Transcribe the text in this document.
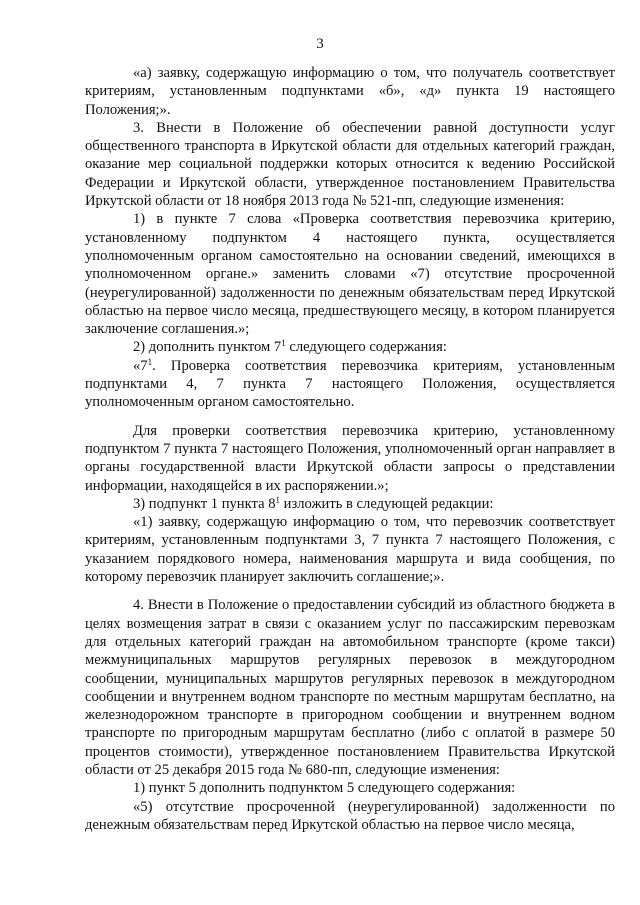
3

«а) заявку, содержащую информацию о том, что получатель соответствует критериям, установленным подпунктами «б», «д» пункта 19 настоящего Положения;».

3. Внести в Положение об обеспечении равной доступности услуг общественного транспорта в Иркутской области для отдельных категорий граждан, оказание мер социальной поддержки которых относится к ведению Российской Федерации и Иркутской области, утвержденное постановлением Правительства Иркутской области от 18 ноября 2013 года № 521-пп, следующие изменения:

1) в пункте 7 слова «Проверка соответствия перевозчика критерию, установленному подпунктом 4 настоящего пункта, осуществляется уполномоченным органом самостоятельно на основании сведений, имеющихся в уполномоченном органе.» заменить словами «7) отсутствие просроченной (неурегулированной) задолженности по денежным обязательствам перед Иркутской областью на первое число месяца, предшествующего месяцу, в котором планируется заключение соглашения.»;

2) дополнить пунктом $7^1$ следующего содержания:

«$7^1$. Проверка соответствия перевозчика критериям, установленным подпунктами 4, 7 пункта 7 настоящего Положения, осуществляется уполномоченным органом самостоятельно.

Для проверки соответствия перевозчика критерию, установленному подпунктом 7 пункта 7 настоящего Положения, уполномоченный орган направляет в органы государственной власти Иркутской области запросы о представлении информации, находящейся в их распоряжении.»;

3) подпункт 1 пункта $8^1$ изложить в следующей редакции:

«1) заявку, содержащую информацию о том, что перевозчик соответствует критериям, установленным подпунктами 3, 7 пункта 7 настоящего Положения, с указанием порядкового номера, наименования маршрута и вида сообщения, по которому перевозчик планирует заключить соглашение;».

4. Внести в Положение о предоставлении субсидий из областного бюджета в целях возмещения затрат в связи с оказанием услуг по пассажирским перевозкам для отдельных категорий граждан на автомобильном транспорте (кроме такси) межмуниципальных маршрутов регулярных перевозок в междугородном сообщении, муниципальных маршрутов регулярных перевозок в междугородном сообщении и внутреннем водном транспорте по местным маршрутам бесплатно, на железнодорожном транспорте в пригородном сообщении и внутреннем водном транспорте по пригородным маршрутам бесплатно (либо с оплатой в размере 50 процентов стоимости), утвержденное постановлением Правительства Иркутской области от 25 декабря 2015 года № 680-пп, следующие изменения:

1) пункт 5 дополнить подпунктом 5 следующего содержания:

«5) отсутствие просроченной (неурегулированной) задолженности по денежным обязательствам перед Иркутской областью на первое число месяца,
